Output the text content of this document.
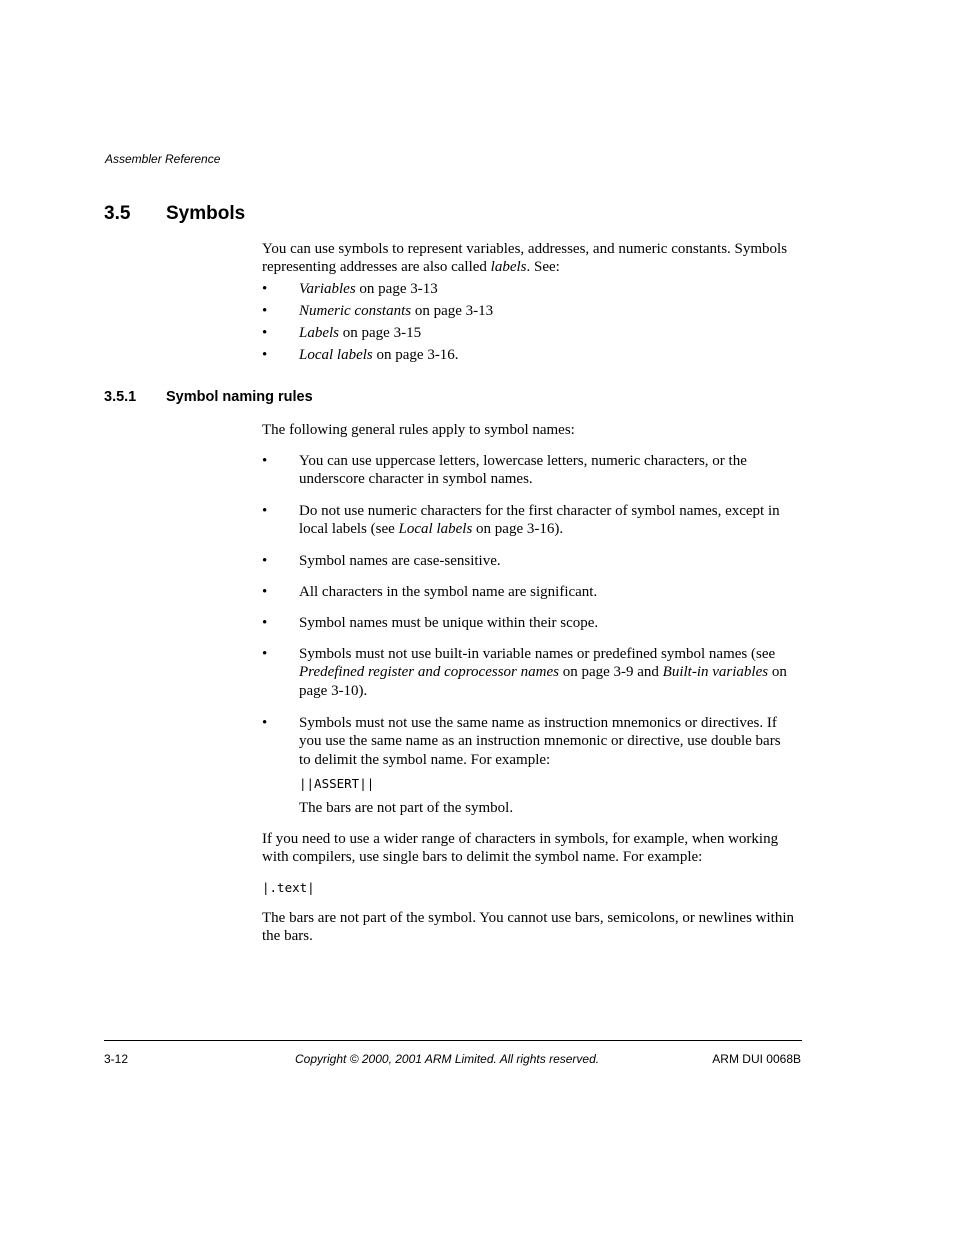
Assembler Reference
3.5 Symbols
You can use symbols to represent variables, addresses, and numeric constants. Symbols
representing addresses are also called labels. See:
• Variables on page 3-13
• Numeric constants on page 3-13
• Labels on page 3-15
• Local labels on page 3-16.
3.5.1 Symbol naming rules
The following general rules apply to symbol names:
• You can use uppercase letters, lowercase letters, numeric characters, or the
underscore character in symbol names.
• Do not use numeric characters for the first character of symbol names, except in
local labels (see Local labels on page 3-16).
• Symbol names are case-sensitive.
• All characters in the symbol name are significant.
• Symbol names must be unique within their scope.
• Symbols must not use built-in variable names or predefined symbol names (see
Predefined register and coprocessor names on page 3-9 and Built-in variables on
page 3-10).
• Symbols must not use the same name as instruction mnemonics or directives. If
you use the same name as an instruction mnemonic or directive, use double bars
to delimit the symbol name. For example:
||ASSERT||
The bars are not part of the symbol.
If you need to use a wider range of characters in symbols, for example, when working
with compilers, use single bars to delimit the symbol name. For example:
|.text|
The bars are not part of the symbol. You cannot use bars, semicolons, or newlines within
the bars.
3-12	Copyright © 2000, 2001 ARM Limited. All rights reserved.	ARM DUI 0068B
